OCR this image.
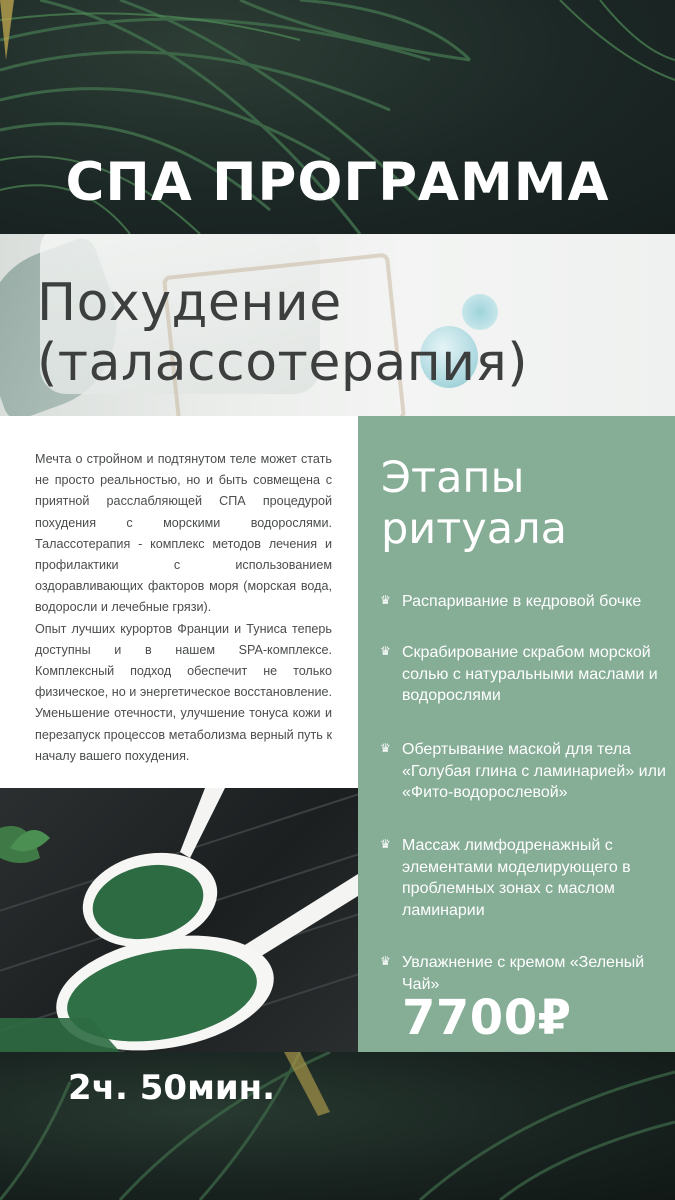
СПА ПРОГРАММА
Похудение
(талассотерапия)

Мечта о стройном и подтянутом теле может стать не просто реальностью, но и быть совмещена с приятной расслабляющей СПА процедурой похудения с морскими водорослями. Талассотерапия - комплекс методов лечения и профилактики с использованием оздоравливающих факторов моря (морская вода, водоросли и лечебные грязи).

Опыт лучших курортов Франции и Туниса теперь доступны и в нашем SPA-комплексе. Комплексный подход обеспечит не только физическое, но и энергетическое восстановление. Уменьшение отечности, улучшение тонуса кожи и перезапуск процессов метаболизма верный путь к началу вашего похудения.

Этапы
ритуала
♛ Распаривание в кедровой бочке
♛ Скрабирование скрабом морской солью с натуральными маслами и водорослями
♛ Обертывание маской для тела «Голубая глина с ламинарией» или «Фито-водорослевой»
♛ Массаж лимфодренажный с элементами моделирующего в проблемных зонах с маслом ламинарии
♛ Увлажнение с кремом «Зеленый Чай»

7700₽

2ч. 50мин.
